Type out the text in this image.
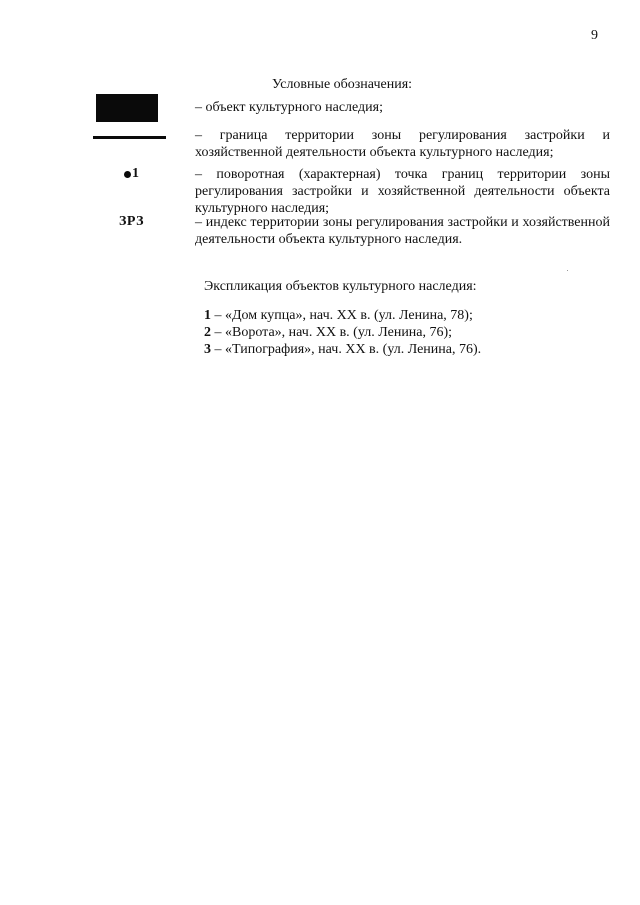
9
Условные обозначения:
1
ЗРЗ
– объект культурного наследия;
– граница территории зоны регулирования застройки и хозяйственной деятельности объекта культурного наследия;
– поворотная (характерная) точка границ территории зоны регулирования застройки и хозяйственной деятельности объекта культурного наследия;
– индекс территории зоны регулирования застройки и хозяйственной деятельности объекта культурного наследия.
Экспликация объектов культурного наследия:
1 – «Дом купца», нач. XX в. (ул. Ленина, 78);
2 – «Ворота», нач. XX в. (ул. Ленина, 76);
3 – «Типография», нач. XX в. (ул. Ленина, 76).
